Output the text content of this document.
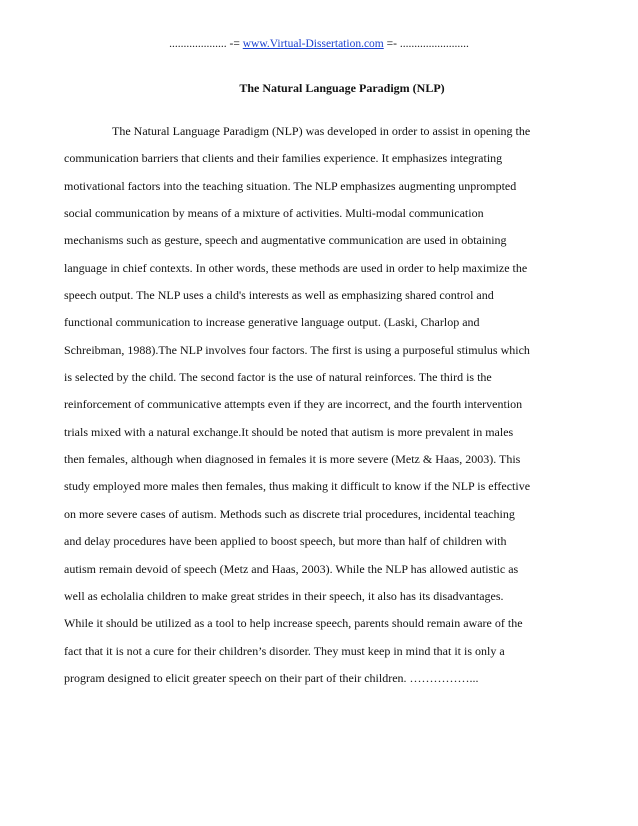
.................... -= www.Virtual-Dissertation.com =- ........................
The Natural Language Paradigm (NLP)
The Natural Language Paradigm (NLP) was developed in order to assist in opening the
communication barriers that clients and their families experience. It emphasizes integrating
motivational factors into the teaching situation. The NLP emphasizes augmenting unprompted
social communication by means of a mixture of activities. Multi-modal communication
mechanisms such as gesture, speech and augmentative communication are used in obtaining
language in chief contexts. In other words, these methods are used in order to help maximize the
speech output. The NLP uses a child's interests as well as emphasizing shared control and
functional communication to increase generative language output. (Laski, Charlop and
Schreibman, 1988).The NLP involves four factors. The first is using a purposeful stimulus which
is selected by the child. The second factor is the use of natural reinforces. The third is the
reinforcement of communicative attempts even if they are incorrect, and the fourth intervention
trials mixed with a natural exchange.It should be noted that autism is more prevalent in males
then females, although when diagnosed in females it is more severe (Metz & Haas, 2003). This
study employed more males then females, thus making it difficult to know if the NLP is effective
on more severe cases of autism. Methods such as discrete trial procedures, incidental teaching
and delay procedures have been applied to boost speech, but more than half of children with
autism remain devoid of speech (Metz and Haas, 2003). While the NLP has allowed autistic as
well as echolalia children to make great strides in their speech, it also has its disadvantages.
While it should be utilized as a tool to help increase speech, parents should remain aware of the
fact that it is not a cure for their children’s disorder. They must keep in mind that it is only a
program designed to elicit greater speech on their part of their children. ……………...
